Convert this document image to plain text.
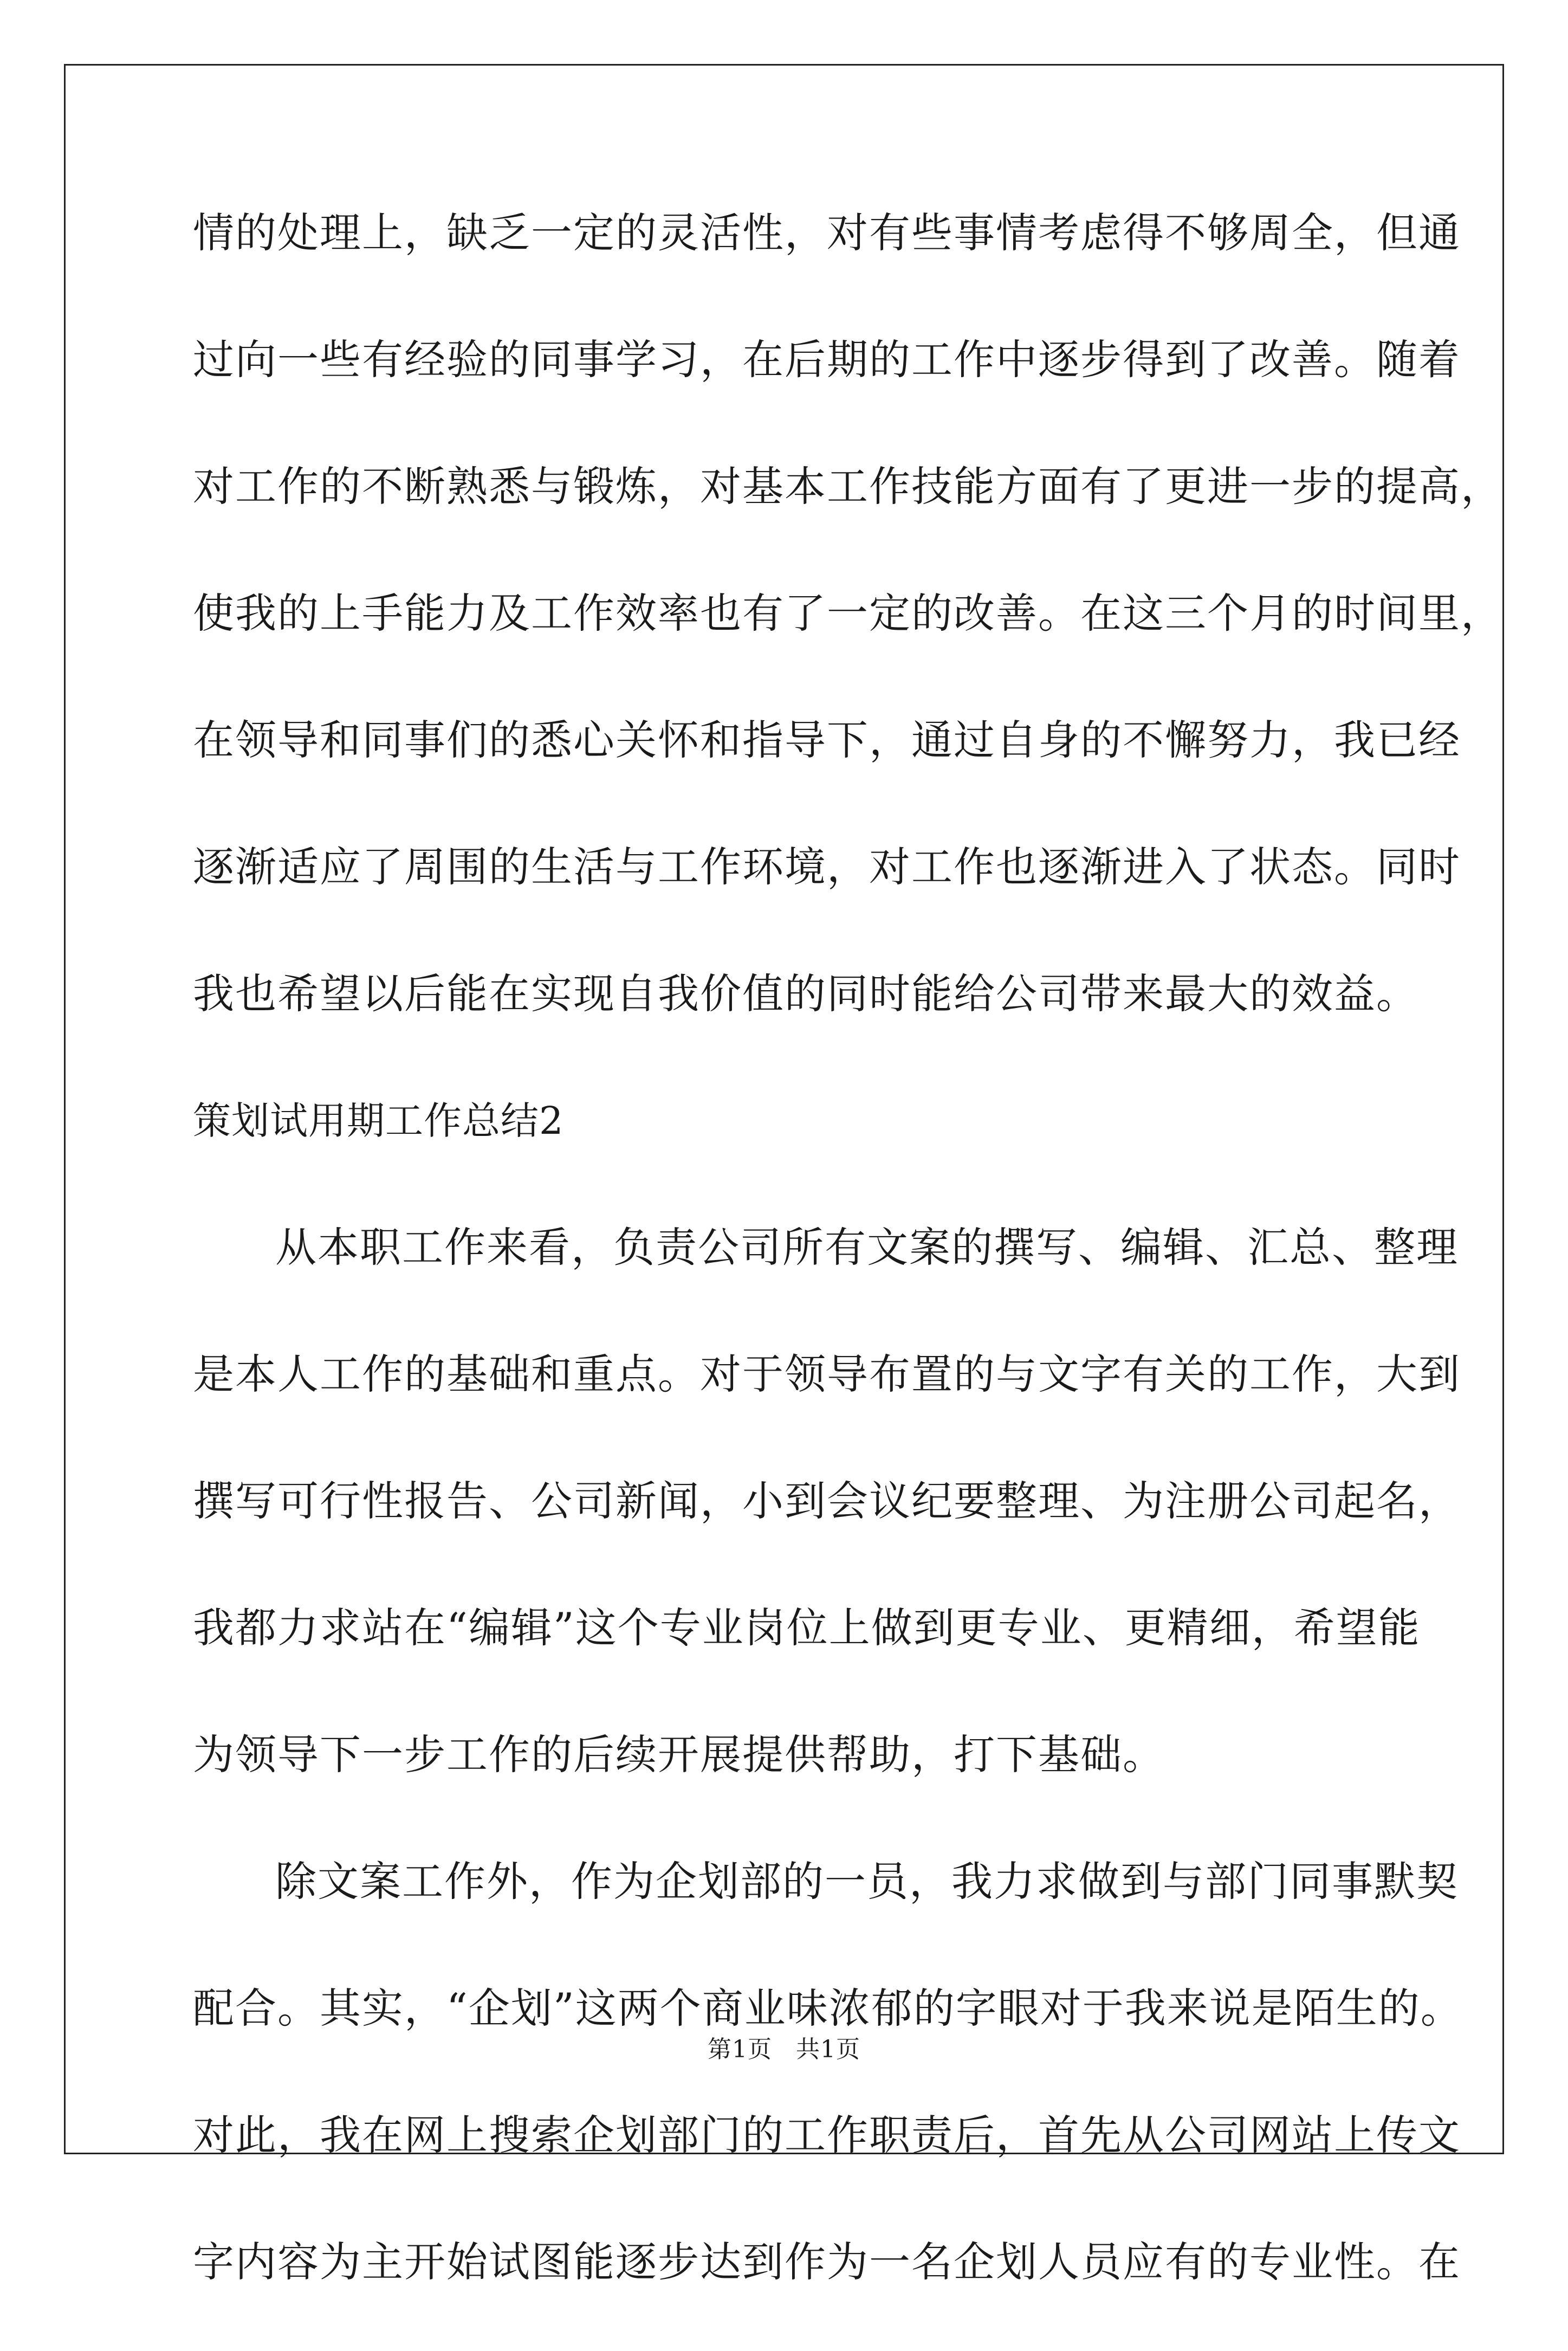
情的处理上，缺乏一定的灵活性，对有些事情考虑得不够周全，但通
过向一些有经验的同事学习，在后期的工作中逐步得到了改善。随着
对工作的不断熟悉与锻炼，对基本工作技能方面有了更进一步的提高，
使我的上手能力及工作效率也有了一定的改善。在这三个月的时间里，
在领导和同事们的悉心关怀和指导下，通过自身的不懈努力，我已经
逐渐适应了周围的生活与工作环境，对工作也逐渐进入了状态。同时
我也希望以后能在实现自我价值的同时能给公司带来最大的效益。
策划试用期工作总结2
从本职工作来看，负责公司所有文案的撰写、编辑、汇总、整理
是本人工作的基础和重点。对于领导布置的与文字有关的工作，大到
撰写可行性报告、公司新闻，小到会议纪要整理、为注册公司起名，
我都力求站在“编辑”这个专业岗位上做到更专业、更精细，希望能
为领导下一步工作的后续开展提供帮助，打下基础。
除文案工作外，作为企划部的一员，我力求做到与部门同事默契
配合。其实，“企划”这两个商业味浓郁的字眼对于我来说是陌生的。
对此，我在网上搜索企划部门的工作职责后，首先从公司网站上传文
字内容为主开始试图能逐步达到作为一名企划人员应有的专业性。在
第1页 共1页
